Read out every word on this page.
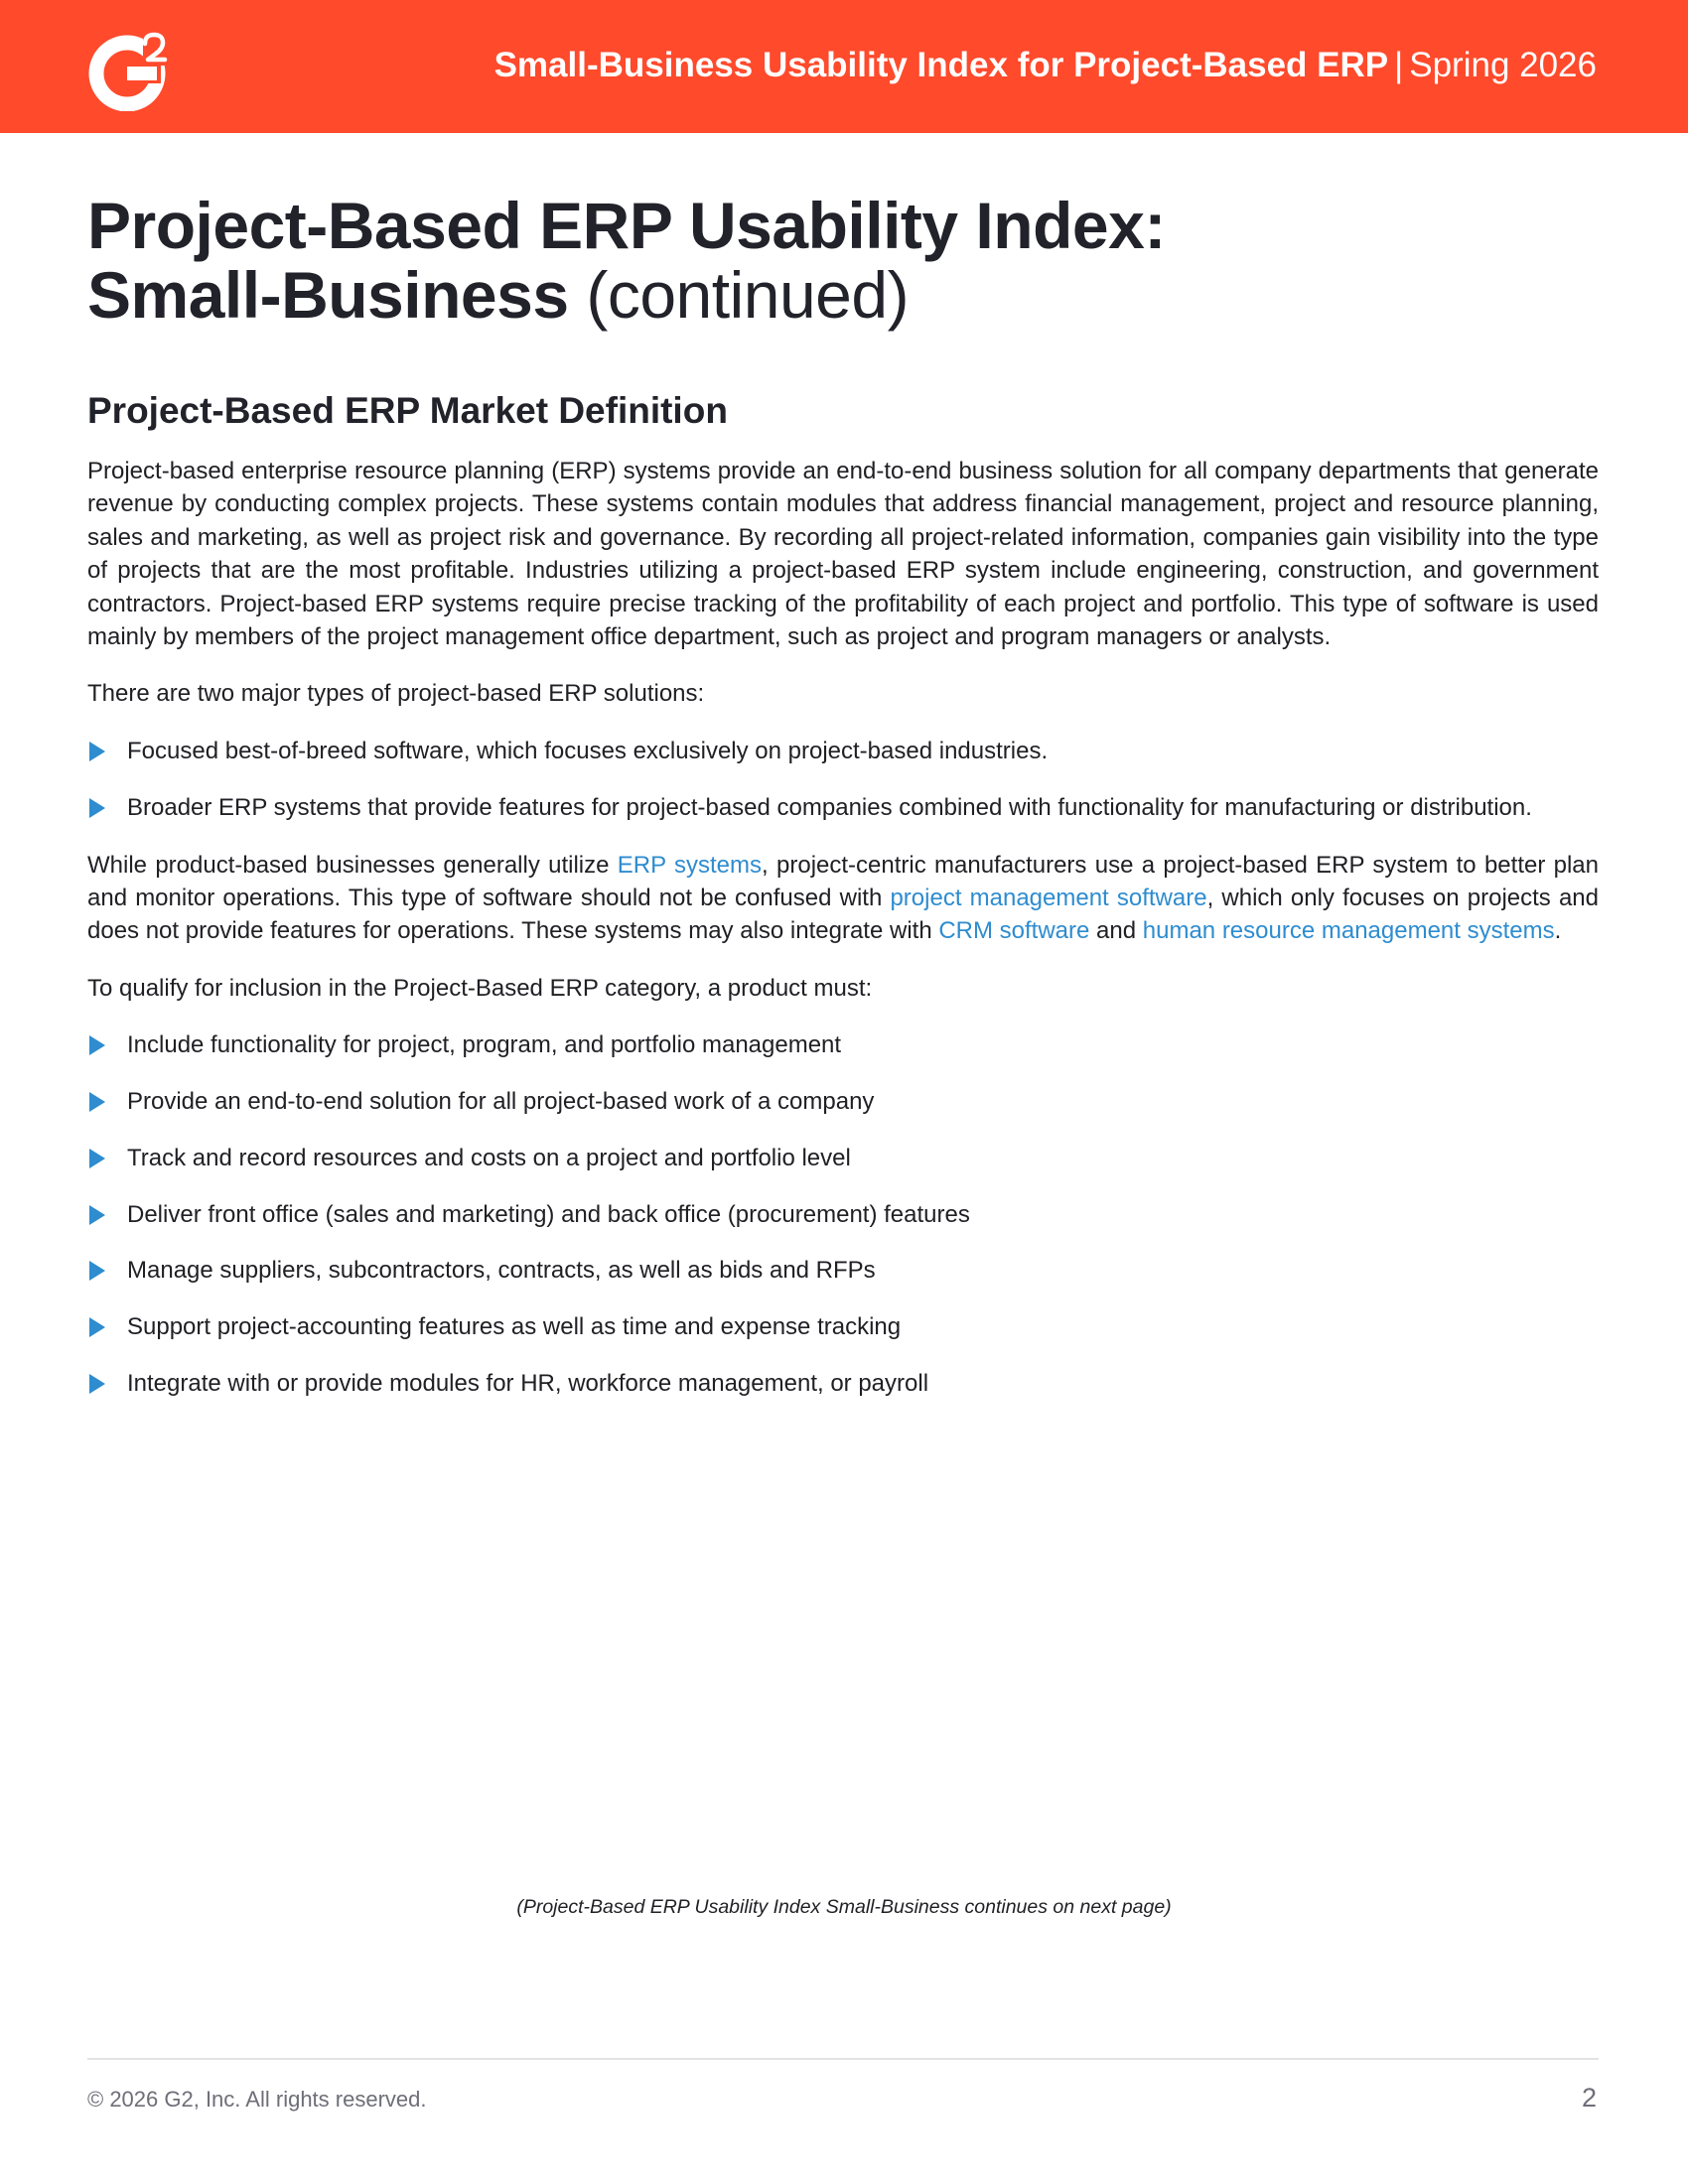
Small-Business Usability Index for Project-Based ERP | Spring 2026
Project-Based ERP Usability Index:
Small-Business (continued)
Project-Based ERP Market Definition

Project-based enterprise resource planning (ERP) systems provide an end-to-end business solution for all company departments that generate revenue by conducting complex projects. These systems contain modules that address financial management, project and resource planning, sales and marketing, as well as project risk and governance. By recording all project-related information, companies gain visibility into the type of projects that are the most profitable. Industries utilizing a project-based ERP system include engineering, construction, and government contractors. Project-based ERP systems require precise tracking of the profitability of each project and portfolio. This type of software is used mainly by members of the project management office department, such as project and program managers or analysts.

There are two major types of project-based ERP solutions:

Focused best-of-breed software, which focuses exclusively on project-based industries.
Broader ERP systems that provide features for project-based companies combined with functionality for manufacturing or distribution.

While product-based businesses generally utilize ERP systems, project-centric manufacturers use a project-based ERP system to better plan and monitor operations. This type of software should not be confused with project management software, which only focuses on projects and does not provide features for operations. These systems may also integrate with CRM software and human resource management systems.

To qualify for inclusion in the Project-Based ERP category, a product must:

Include functionality for project, program, and portfolio management
Provide an end-to-end solution for all project-based work of a company
Track and record resources and costs on a project and portfolio level
Deliver front office (sales and marketing) and back office (procurement) features
Manage suppliers, subcontractors, contracts, as well as bids and RFPs
Support project-accounting features as well as time and expense tracking
Integrate with or provide modules for HR, workforce management, or payroll
(Project-Based ERP Usability Index Small-Business continues on next page)
© 2026 G2, Inc. All rights reserved.	2
